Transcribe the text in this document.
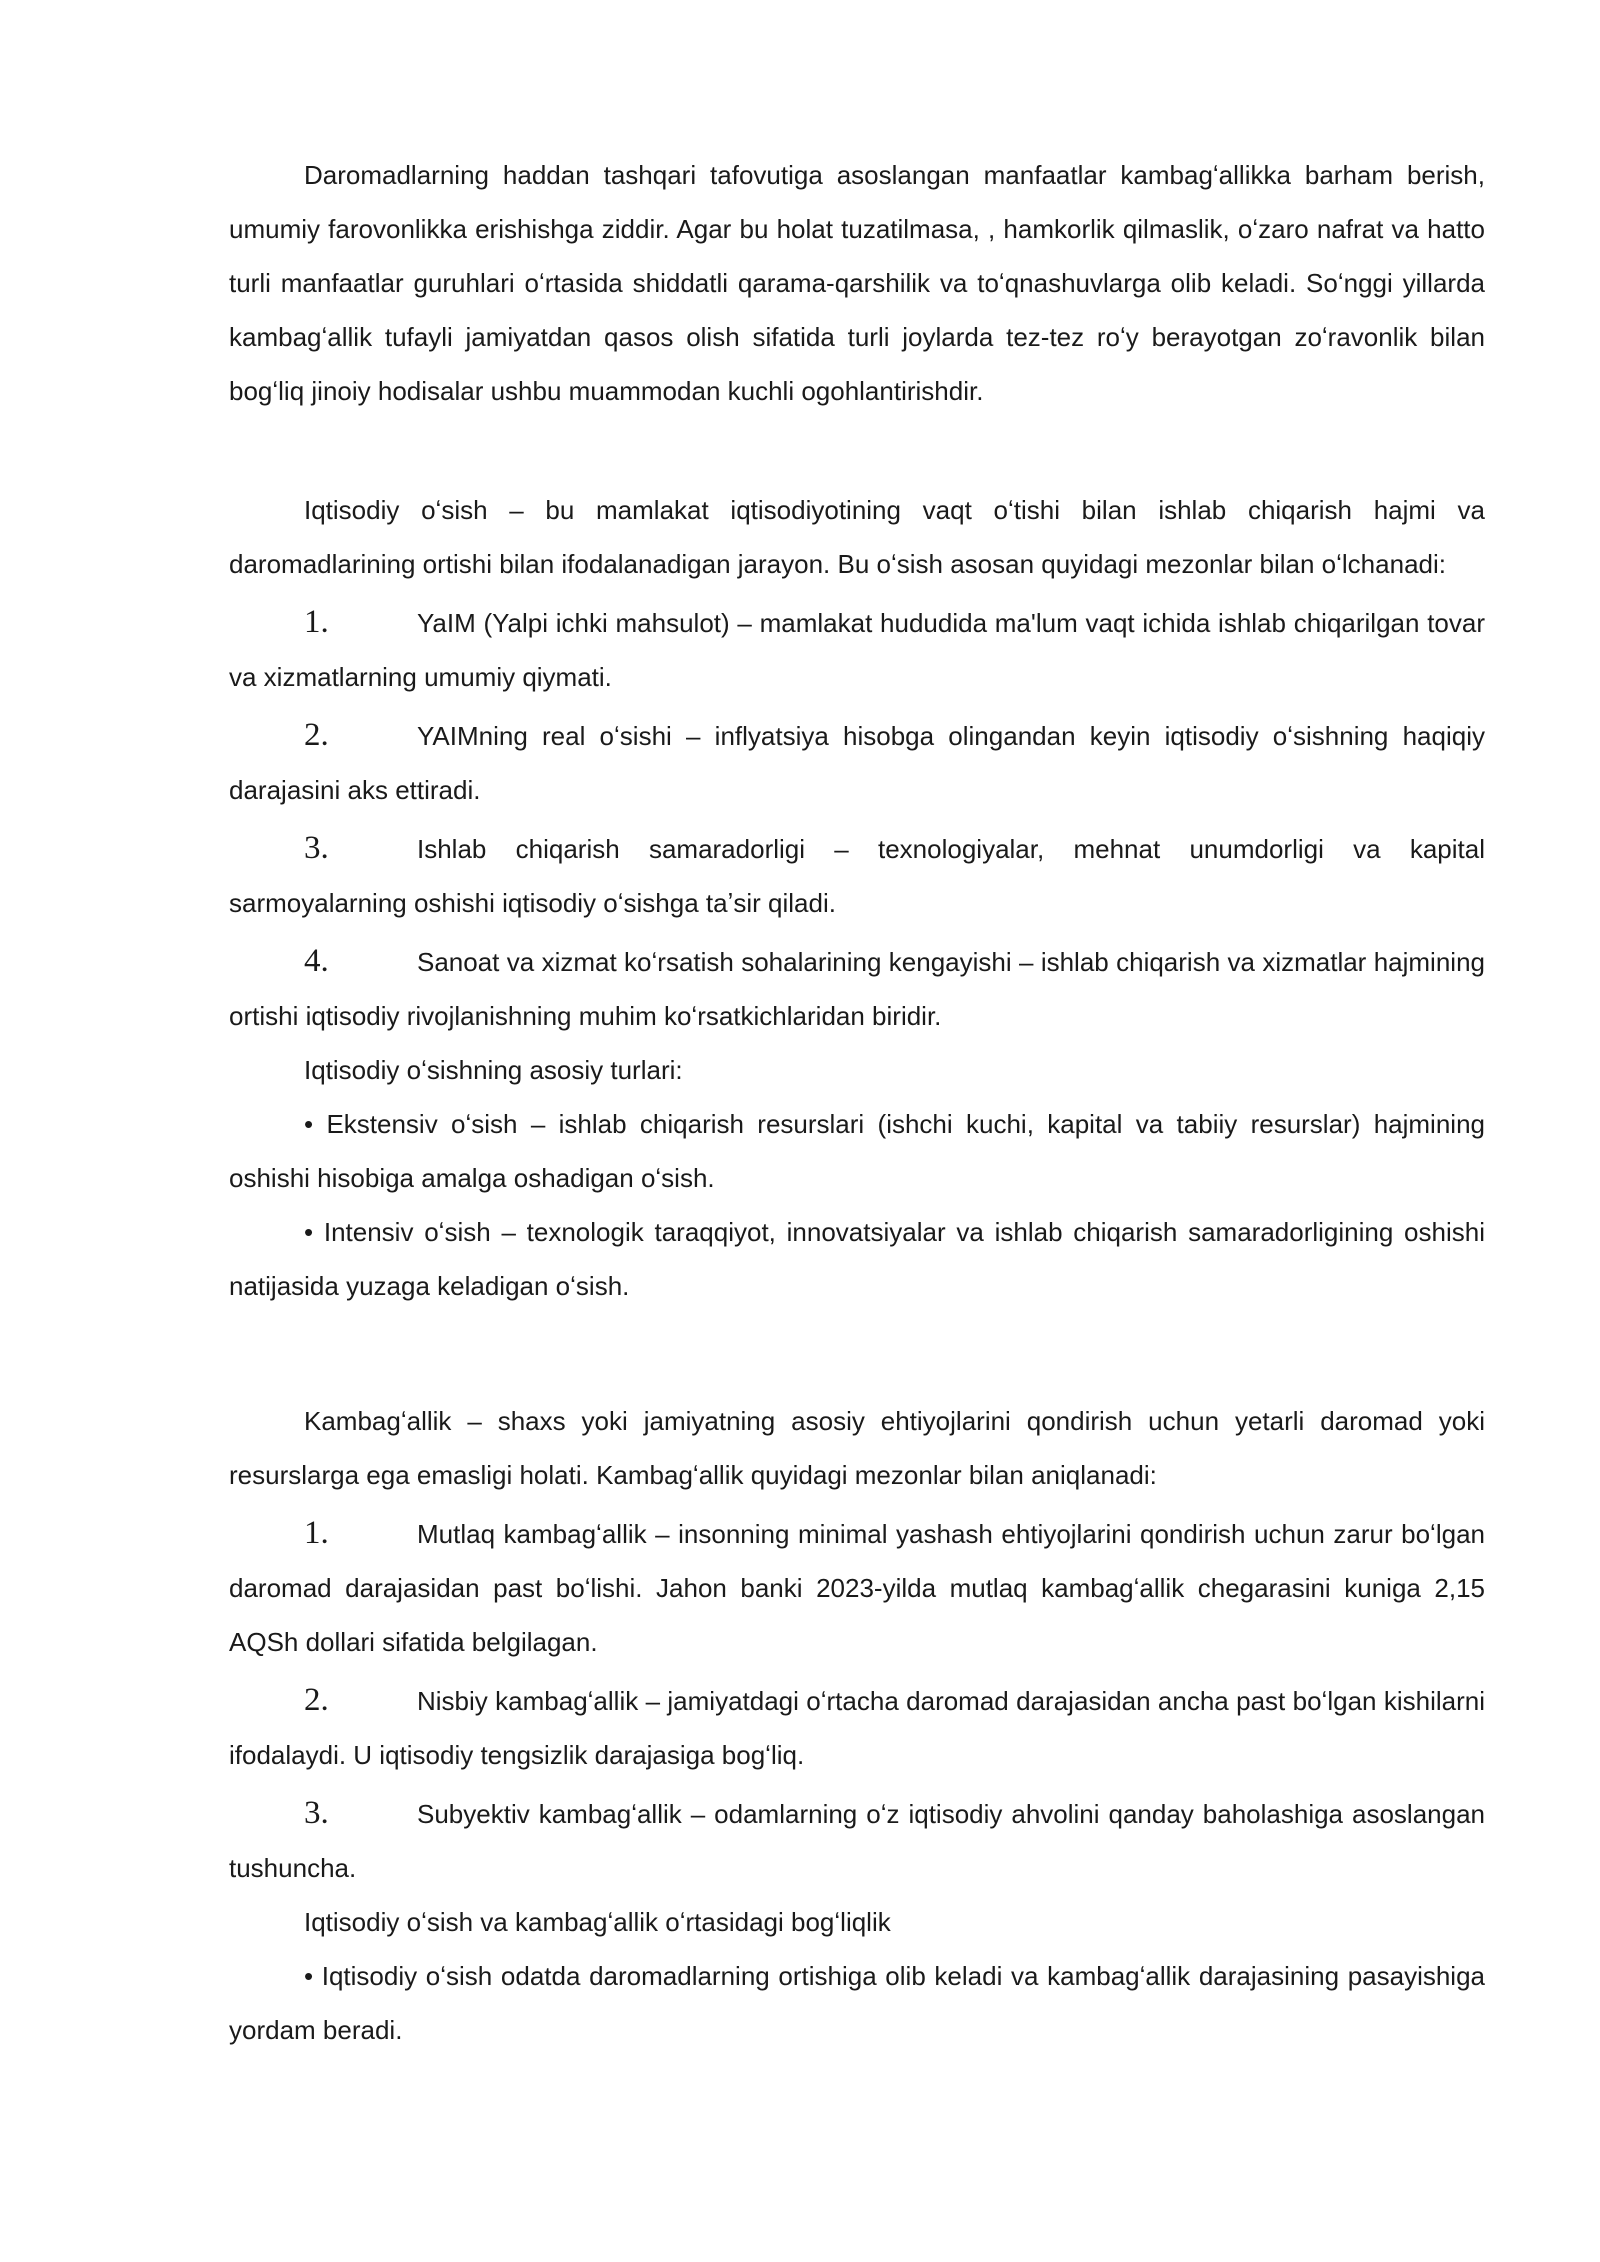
Daromadlarning haddan tashqari tafovutiga asoslangan manfaatlar kambagʻallikka barham berish, umumiy farovonlikka erishishga ziddir. Agar bu holat tuzatilmasa, , hamkorlik qilmaslik, oʻzaro nafrat va hatto turli manfaatlar guruhlari oʻrtasida shiddatli qarama-qarshilik va toʻqnashuvlarga olib keladi. Soʻnggi yillarda kambagʻallik tufayli jamiyatdan qasos olish sifatida turli joylarda tez-tez roʻy berayotgan zoʻravonlik bilan bogʻliq jinoiy hodisalar ushbu muammodan kuchli ogohlantirishdir.

Iqtisodiy oʻsish – bu mamlakat iqtisodiyotining vaqt oʻtishi bilan ishlab chiqarish hajmi va daromadlarining ortishi bilan ifodalanadigan jarayon. Bu oʻsish asosan quyidagi mezonlar bilan oʻlchanadi:

1.	YaIM (Yalpi ichki mahsulot) – mamlakat hududida ma'lum vaqt ichida ishlab chiqarilgan tovar va xizmatlarning umumiy qiymati.

2.	YAIMning real oʻsishi – inflyatsiya hisobga olingandan keyin iqtisodiy oʻsishning haqiqiy darajasini aks ettiradi.

3.	Ishlab chiqarish samaradorligi – texnologiyalar, mehnat unumdorligi va kapital sarmoyalarning oshishi iqtisodiy oʻsishga taʼsir qiladi.

4.	Sanoat va xizmat koʻrsatish sohalarining kengayishi – ishlab chiqarish va xizmatlar hajmining ortishi iqtisodiy rivojlanishning muhim koʻrsatkichlaridan biridir.

Iqtisodiy oʻsishning asosiy turlari:

• Ekstensiv oʻsish – ishlab chiqarish resurslari (ishchi kuchi, kapital va tabiiy resurslar) hajmining oshishi hisobiga amalga oshadigan oʻsish.

• Intensiv oʻsish – texnologik taraqqiyot, innovatsiyalar va ishlab chiqarish samaradorligining oshishi natijasida yuzaga keladigan oʻsish.

Kambagʻallik – shaxs yoki jamiyatning asosiy ehtiyojlarini qondirish uchun yetarli daromad yoki resurslarga ega emasligi holati. Kambagʻallik quyidagi mezonlar bilan aniqlanadi:

1.	Mutlaq kambagʻallik – insonning minimal yashash ehtiyojlarini qondirish uchun zarur boʻlgan daromad darajasidan past boʻlishi. Jahon banki 2023-yilda mutlaq kambagʻallik chegarasini kuniga 2,15 AQSh dollari sifatida belgilagan.

2.	Nisbiy kambagʻallik – jamiyatdagi oʻrtacha daromad darajasidan ancha past boʻlgan kishilarni ifodalaydi. U iqtisodiy tengsizlik darajasiga bogʻliq.

3.	Subyektiv kambagʻallik – odamlarning oʻz iqtisodiy ahvolini qanday baholashiga asoslangan tushuncha.

Iqtisodiy oʻsish va kambagʻallik oʻrtasidagi bogʻliqlik

• Iqtisodiy oʻsish odatda daromadlarning ortishiga olib keladi va kambagʻallik darajasining pasayishiga yordam beradi.
